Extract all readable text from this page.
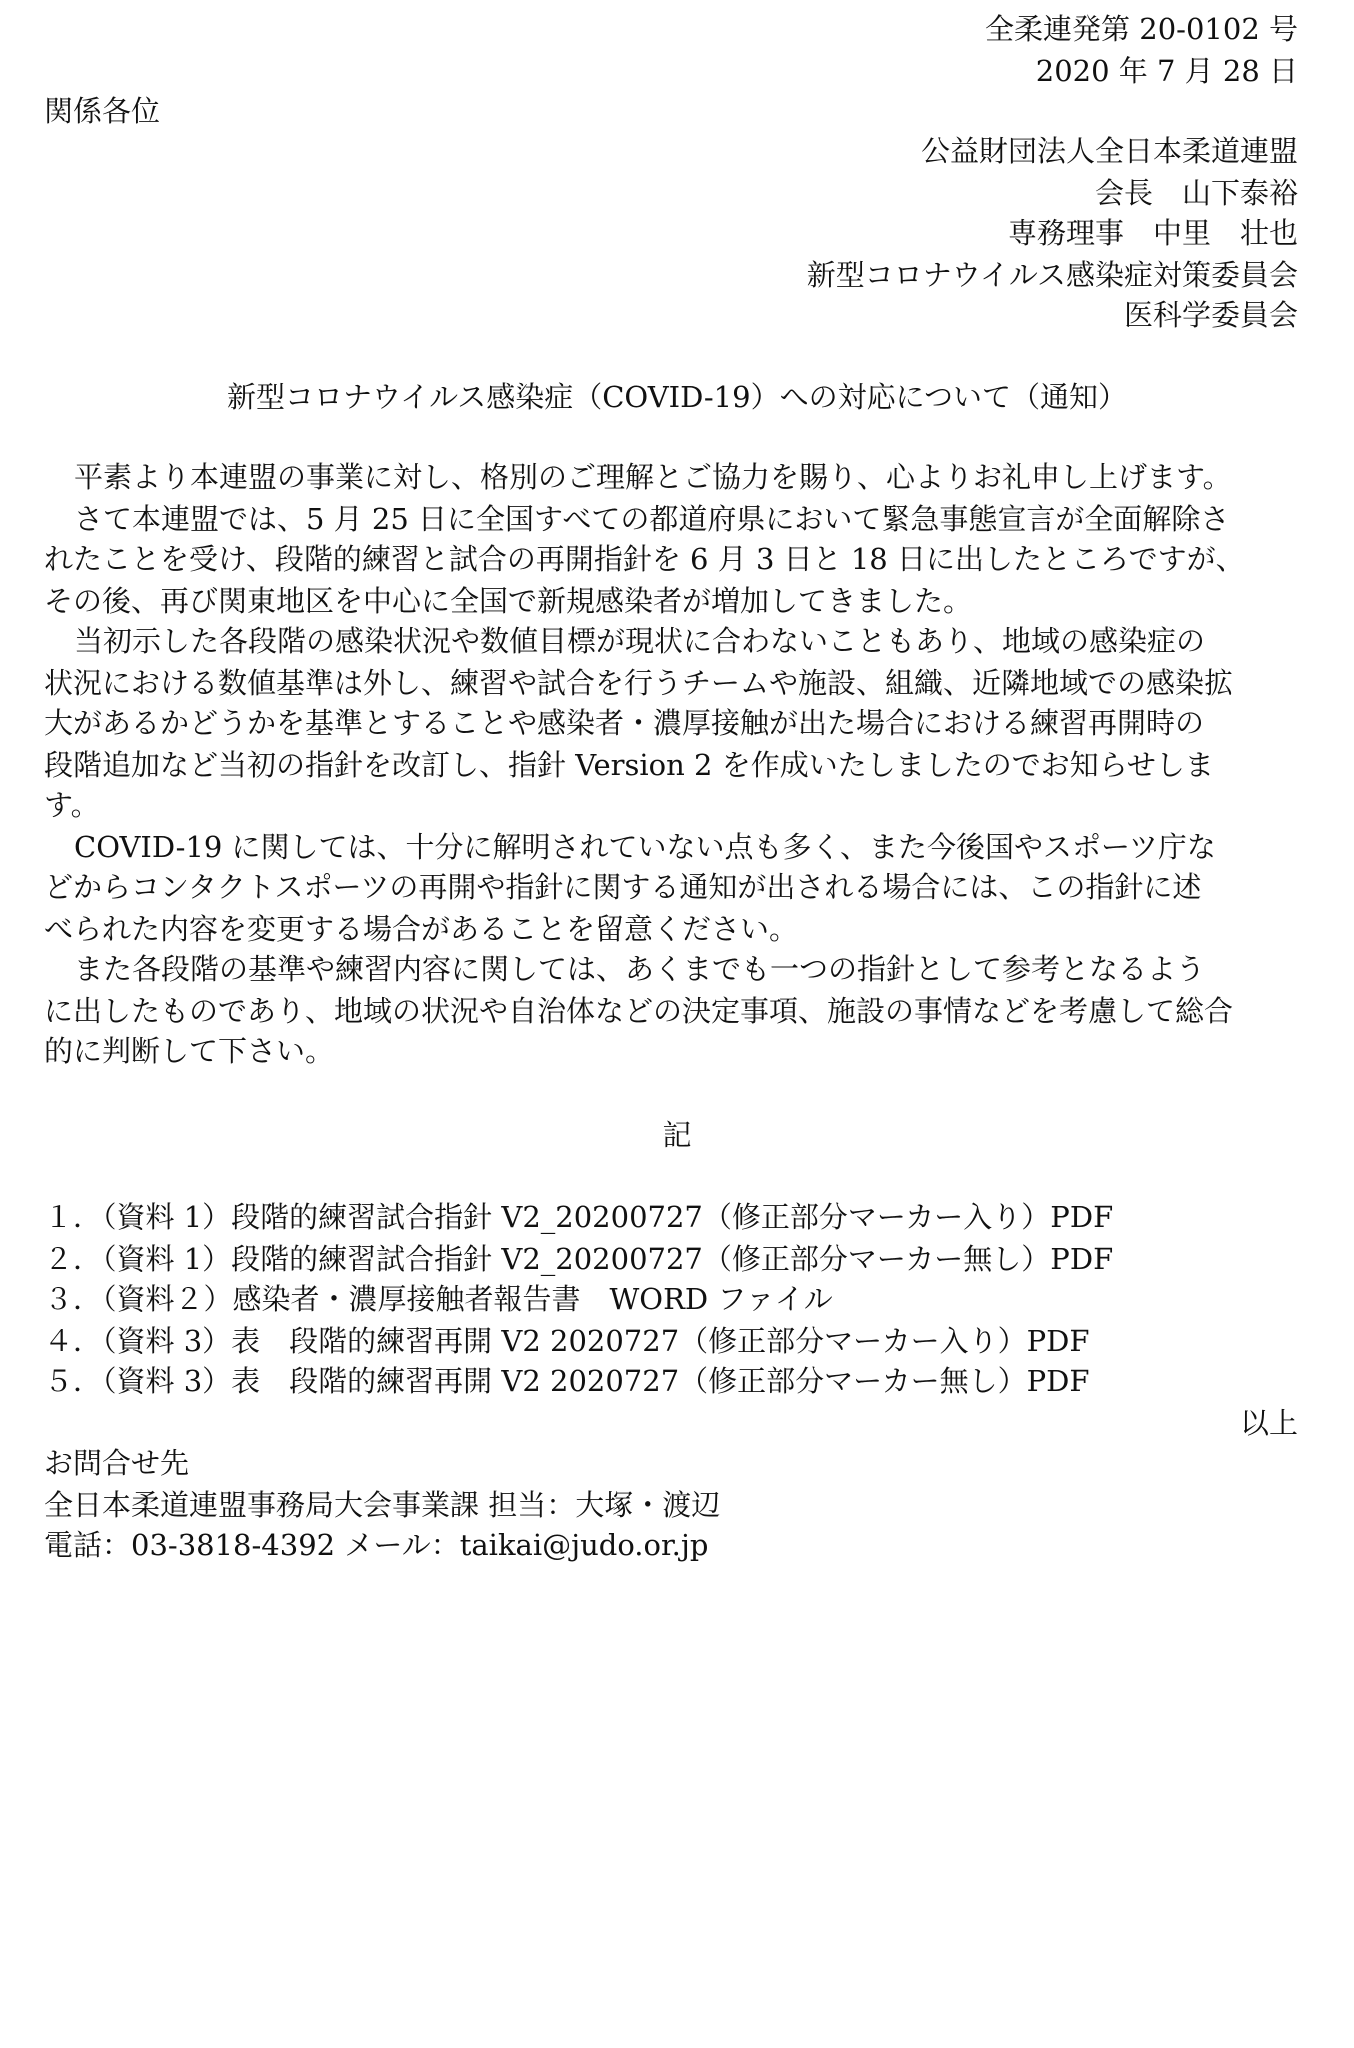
全柔連発第 20-0102 号
2020 年 7 月 28 日
関係各位
公益財団法人全日本柔道連盟
会長　山下泰裕
専務理事　中里　壮也
新型コロナウイルス感染症対策委員会
医科学委員会
新型コロナウイルス感染症（COVID-19）への対応について（通知）
平素より本連盟の事業に対し、格別のご理解とご協力を賜り、心よりお礼申し上げます。
さて本連盟では、5 月 25 日に全国すべての都道府県において緊急事態宣言が全面解除さ
れたことを受け、段階的練習と試合の再開指針を 6 月 3 日と 18 日に出したところですが、
その後、再び関東地区を中心に全国で新規感染者が増加してきました。
当初示した各段階の感染状況や数値目標が現状に合わないこともあり、地域の感染症の
状況における数値基準は外し、練習や試合を行うチームや施設、組織、近隣地域での感染拡
大があるかどうかを基準とすることや感染者・濃厚接触が出た場合における練習再開時の
段階追加など当初の指針を改訂し、指針 Version 2 を作成いたしましたのでお知らせしま
す。
COVID-19 に関しては、十分に解明されていない点も多く、また今後国やスポーツ庁な
どからコンタクトスポーツの再開や指針に関する通知が出される場合には、この指針に述
べられた内容を変更する場合があることを留意ください。
また各段階の基準や練習内容に関しては、あくまでも一つの指針として参考となるよう
に出したものであり、地域の状況や自治体などの決定事項、施設の事情などを考慮して総合
的に判断して下さい。
記
１．（資料 1）段階的練習試合指針 V2_20200727（修正部分マーカー入り）PDF
２．（資料 1）段階的練習試合指針 V2_20200727（修正部分マーカー無し）PDF
３．（資料２）感染者・濃厚接触者報告書　WORD ファイル
４．（資料 3）表　段階的練習再開 V2 2020727（修正部分マーカー入り）PDF
５．（資料 3）表　段階的練習再開 V2 2020727（修正部分マーカー無し）PDF
以上
お問合せ先
全日本柔道連盟事務局大会事業課 担当：大塚・渡辺
電話：03-3818-4392 メール：taikai@judo.or.jp
